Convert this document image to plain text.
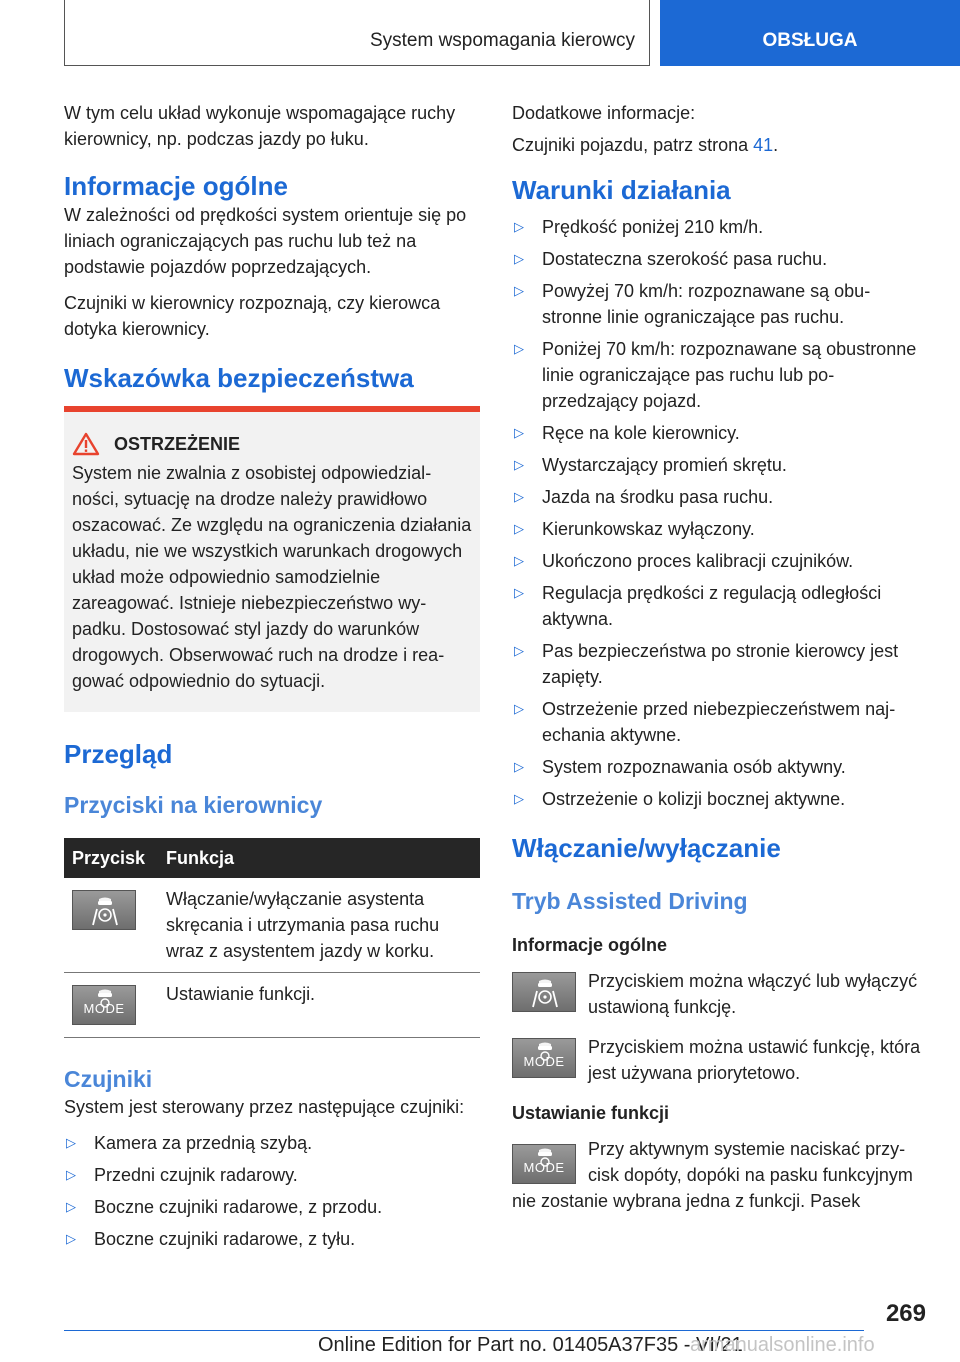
System wspomagania kierowcy	OBSŁUGA

W tym celu układ wykonuje wspomagające ruchy kierownicy, np. podczas jazdy po łuku.

Informacje ogólne

W zależności od prędkości system orientuje się po liniach ograniczających pas ruchu lub też na podstawie pojazdów poprzedzających.

Czujniki w kierownicy rozpoznają, czy kierowca dotyka kierownicy.

Wskazówka bezpieczeństwa
OSTRZEŻENIE

System nie zwalnia z osobistej odpowiedzialności, sytuację na drodze należy prawidłowo oszacować. Ze względu na ograniczenia działania układu, nie we wszystkich warunkach drogowych układ może odpowiednio samodzielnie zareagować. Istnieje niebezpieczeństwo wypadku. Dostosować styl jazdy do warunków drogowych. Obserwować ruch na drodze i reagować odpowiednio do sytuacji.

Przegląd
Przyciski na kierownicy
Przycisk	Funkcja

	Włączanie/wyłączanie asystenta skręcania i utrzymania pasa ruchu wraz z asystentem jazdy w korku.

MODE	Ustawianie funkcji.
Czujniki

System jest sterowany przez następujące czujniki:

▷ Kamera za przednią szybą.
▷ Przedni czujnik radarowy.
▷ Boczne czujniki radarowe, z przodu.
▷ Boczne czujniki radarowe, z tyłu.

Dodatkowe informacje:

Czujniki pojazdu, patrz strona 41.

Warunki działania
▷ Prędkość poniżej 210 km/h.
▷ Dostateczna szerokość pasa ruchu.
▷ Powyżej 70 km/h: rozpoznawane są obustronne linie ograniczające pas ruchu.
▷ Poniżej 70 km/h: rozpoznawane są obustronne linie ograniczające pas ruchu lub poprzedzający pojazd.
▷ Ręce na kole kierownicy.
▷ Wystarczający promień skrętu.
▷ Jazda na środku pasa ruchu.
▷ Kierunkowskaz wyłączony.
▷ Ukończono proces kalibracji czujników.
▷ Regulacja prędkości z regulacją odległości aktywna.
▷ Pas bezpieczeństwa po stronie kierowcy jest zapięty.
▷ Ostrzeżenie przed niebezpieczeństwem najechania aktywne.
▷ System rozpoznawania osób aktywny.
▷ Ostrzeżenie o kolizji bocznej aktywne.
Włączanie/wyłączanie
Tryb Assisted Driving
Informacje ogólne
Przyciskiem można włączyć lub wyłączyć ustawioną funkcję.
MODE
Przyciskiem można ustawić funkcję, która jest używana priorytetowo.
Ustawianie funkcji
MODE
Przy aktywnym systemie naciskać przycisk dopóty, dopóki na pasku funkcyjnym nie zostanie wybrana jedna z funkcji. Pasek
269
Online Edition for Part no. 01405A37F35 - VI/21
armanualsonline.info
